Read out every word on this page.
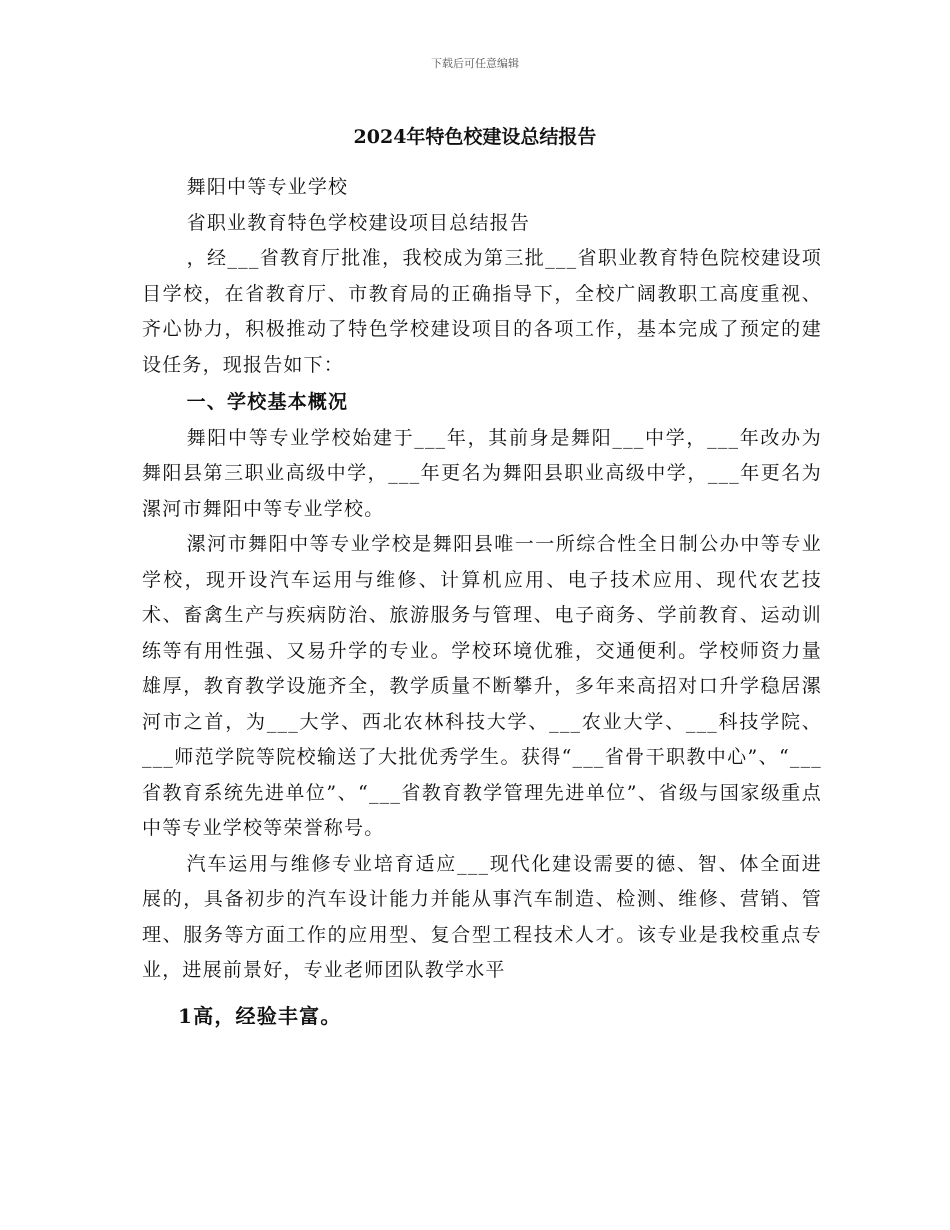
下载后可任意编辑
2024年特色校建设总结报告

舞阳中等专业学校

省职业教育特色学校建设项目总结报告

，经___省教育厅批准，我校成为第三批___省职业教育特色院校建设项目学校，在省教育厅、市教育局的正确指导下，全校广阔教职工高度重视、齐心协力，积极推动了特色学校建设项目的各项工作，基本完成了预定的建设任务，现报告如下：

一、学校基本概况

舞阳中等专业学校始建于___年，其前身是舞阳___中学，___年改办为舞阳县第三职业高级中学，___年更名为舞阳县职业高级中学，___年更名为漯河市舞阳中等专业学校。

漯河市舞阳中等专业学校是舞阳县唯一一所综合性全日制公办中等专业学校，现开设汽车运用与维修、计算机应用、电子技术应用、现代农艺技术、畜禽生产与疾病防治、旅游服务与管理、电子商务、学前教育、运动训练等有用性强、又易升学的专业。学校环境优雅，交通便利。学校师资力量雄厚，教育教学设施齐全，教学质量不断攀升，多年来高招对口升学稳居漯河市之首，为___大学、西北农林科技大学、___农业大学、___科技学院、___师范学院等院校输送了大批优秀学生。获得“___省骨干职教中心”、“___省教育系统先进单位”、“___省教育教学管理先进单位”、省级与国家级重点中等专业学校等荣誉称号。

汽车运用与维修专业培育适应___现代化建设需要的德、智、体全面进展的，具备初步的汽车设计能力并能从事汽车制造、检测、维修、营销、管理、服务等方面工作的应用型、复合型工程技术人才。该专业是我校重点专业，进展前景好，专业老师团队教学水平

1高，经验丰富。
